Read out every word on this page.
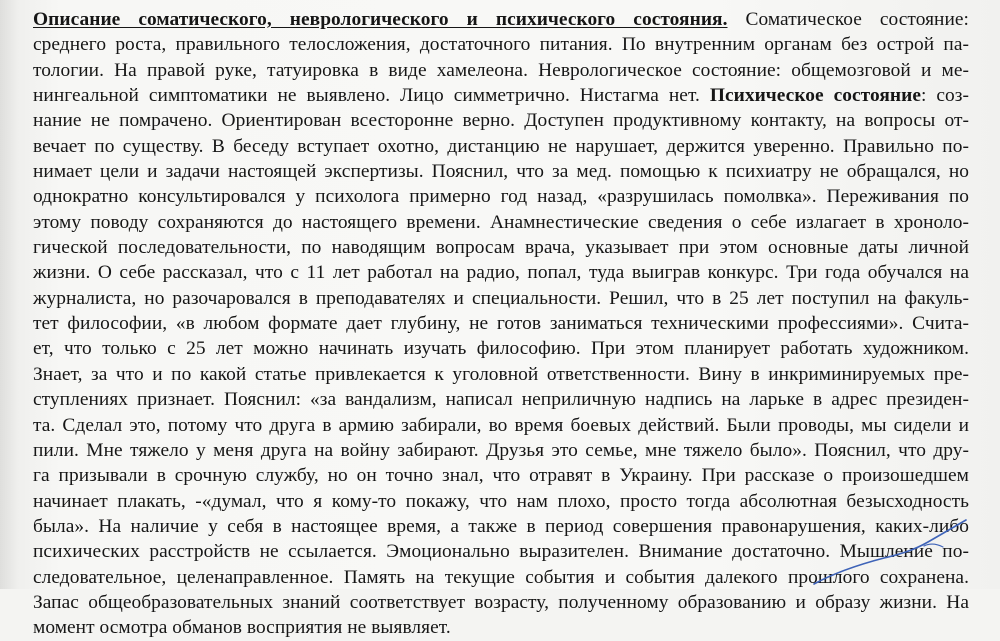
Описание соматического, неврологического и психического состояния. Соматическое состояние:
среднего роста, правильного телосложения, достаточного питания. По внутренним органам без острой па-
тологии. На правой руке, татуировка в виде хамелеона. Неврологическое состояние: общемозговой и ме-
нингеальной симптоматики не выявлено. Лицо симметрично. Нистагма нет. Психическое состояние: соз-
нание не помрачено. Ориентирован всесторонне верно. Доступен продуктивному контакту, на вопросы от-
вечает по существу. В беседу вступает охотно, дистанцию не нарушает, держится уверенно. Правильно по-
нимает цели и задачи настоящей экспертизы. Пояснил, что за мед. помощью к психиатру не обращался, но
однократно консультировался у психолога примерно год назад, «разрушилась помолвка». Переживания по
этому поводу сохраняются до настоящего времени. Анамнестические сведения о себе излагает в хроноло-
гической последовательности, по наводящим вопросам врача, указывает при этом основные даты личной
жизни. О себе рассказал, что с 11 лет работал на радио, попал, туда выиграв конкурс. Три года обучался на
журналиста, но разочаровался в преподавателях и специальности. Решил, что в 25 лет поступил на факуль-
тет философии, «в любом формате дает глубину, не готов заниматься техническими профессиями». Счита-
ет, что только с 25 лет можно начинать изучать философию. При этом планирует работать художником.
Знает, за что и по какой статье привлекается к уголовной ответственности. Вину в инкриминируемых пре-
ступлениях признает. Пояснил: «за вандализм, написал неприличную надпись на ларьке в адрес президен-
та. Сделал это, потому что друга в армию забирали, во время боевых действий. Были проводы, мы сидели и
пили. Мне тяжело у меня друга на войну забирают. Друзья это семье, мне тяжело было». Пояснил, что дру-
га призывали в срочную службу, но он точно знал, что отравят в Украину. При рассказе о произошедшем
начинает плакать, -«думал, что я кому-то покажу, что нам плохо, просто тогда абсолютная безысходность
была». На наличие у себя в настоящее время, а также в период совершения правонарушения, каких-либо
психических расстройств не ссылается. Эмоционально выразителен. Внимание достаточно. Мышление по-
следовательное, целенаправленное. Память на текущие события и события далекого прошлого сохранена.
Запас общеобразовательных знаний соответствует возрасту, полученному образованию и образу жизни. На
момент осмотра обманов восприятия не выявляет.
